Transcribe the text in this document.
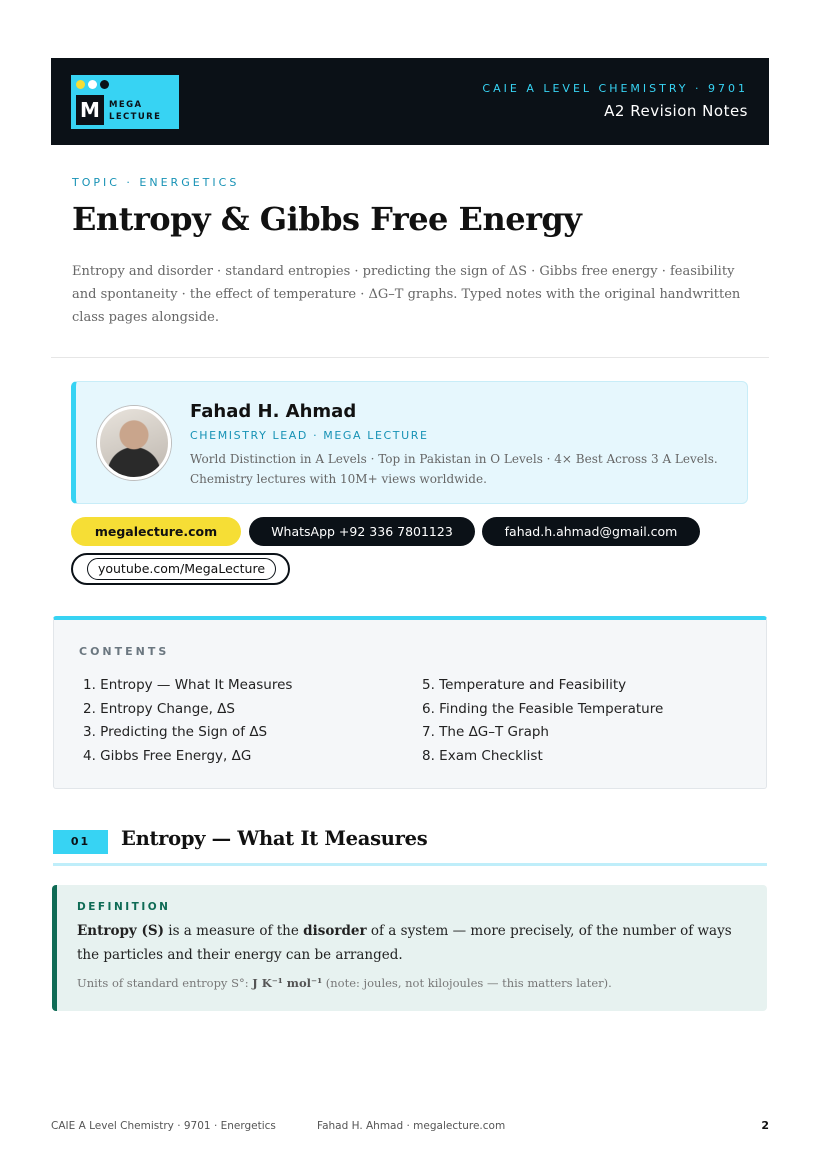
M	MEGA
LECTURE
CAIE A LEVEL CHEMISTRY · 9701
A2 Revision Notes
TOPIC · ENERGETICS
Entropy & Gibbs Free Energy

Entropy and disorder · standard entropies · predicting the sign of ΔS · Gibbs free energy · feasibility and spontaneity · the effect of temperature · ΔG–T graphs. Typed notes with the original handwritten class pages alongside.

Fahad H. Ahmad
CHEMISTRY LEAD · MEGA LECTURE
World Distinction in A Levels · Top in Pakistan in O Levels · 4× Best Across 3 A Levels. Chemistry lectures with 10M+ views worldwide.
megalecture.com	WhatsApp +92 336 7801123	fahad.h.ahmad@gmail.com
youtube.com/MegaLecture
CONTENTS
1. Entropy — What It Measures
2. Entropy Change, ΔS
3. Predicting the Sign of ΔS
4. Gibbs Free Energy, ΔG
5. Temperature and Feasibility
6. Finding the Feasible Temperature
7. The ΔG–T Graph
8. Exam Checklist
01	Entropy — What It Measures
DEFINITION

Entropy (S) is a measure of the disorder of a system — more precisely, of the number of ways the particles and their energy can be arranged.

Units of standard entropy S°: J K⁻¹ mol⁻¹ (note: joules, not kilojoules — this matters later).
CAIE A Level Chemistry · 9701 · Energetics	Fahad H. Ahmad · megalecture.com	2
